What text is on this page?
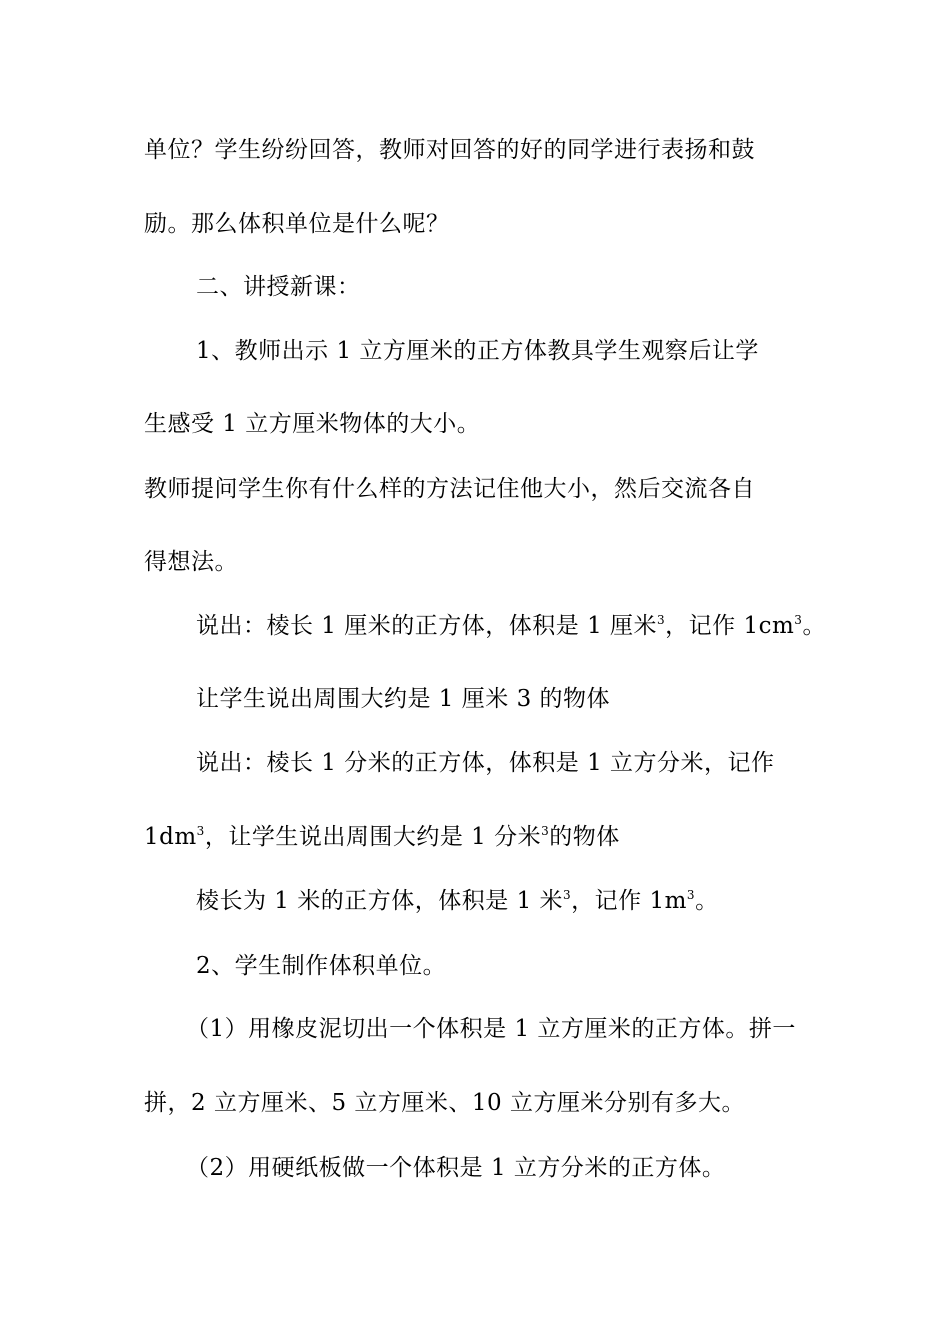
单位？学生纷纷回答，教师对回答的好的同学进行表扬和鼓
励。那么体积单位是什么呢？
二、讲授新课：
1、教师出示 1 立方厘米的正方体教具学生观察后让学
生感受 1 立方厘米物体的大小。
教师提问学生你有什么样的方法记住他大小，然后交流各自
得想法。
说出：棱长 1 厘米的正方体，体积是 1 厘米$^3$，记作 $1cm^3$。
让学生说出周围大约是 1 厘米 3 的物体
说出：棱长 1 分米的正方体，体积是 1 立方分米，记作
$1dm^3$，让学生说出周围大约是 1 分米$^3$的物体
棱长为 1 米的正方体，体积是 1 米$^3$，记作 $1m^3$。
2、学生制作体积单位。
（1）用橡皮泥切出一个体积是 1 立方厘米的正方体。拼一
拼，2 立方厘米、5 立方厘米、10 立方厘米分别有多大。
（2）用硬纸板做一个体积是 1 立方分米的正方体。
